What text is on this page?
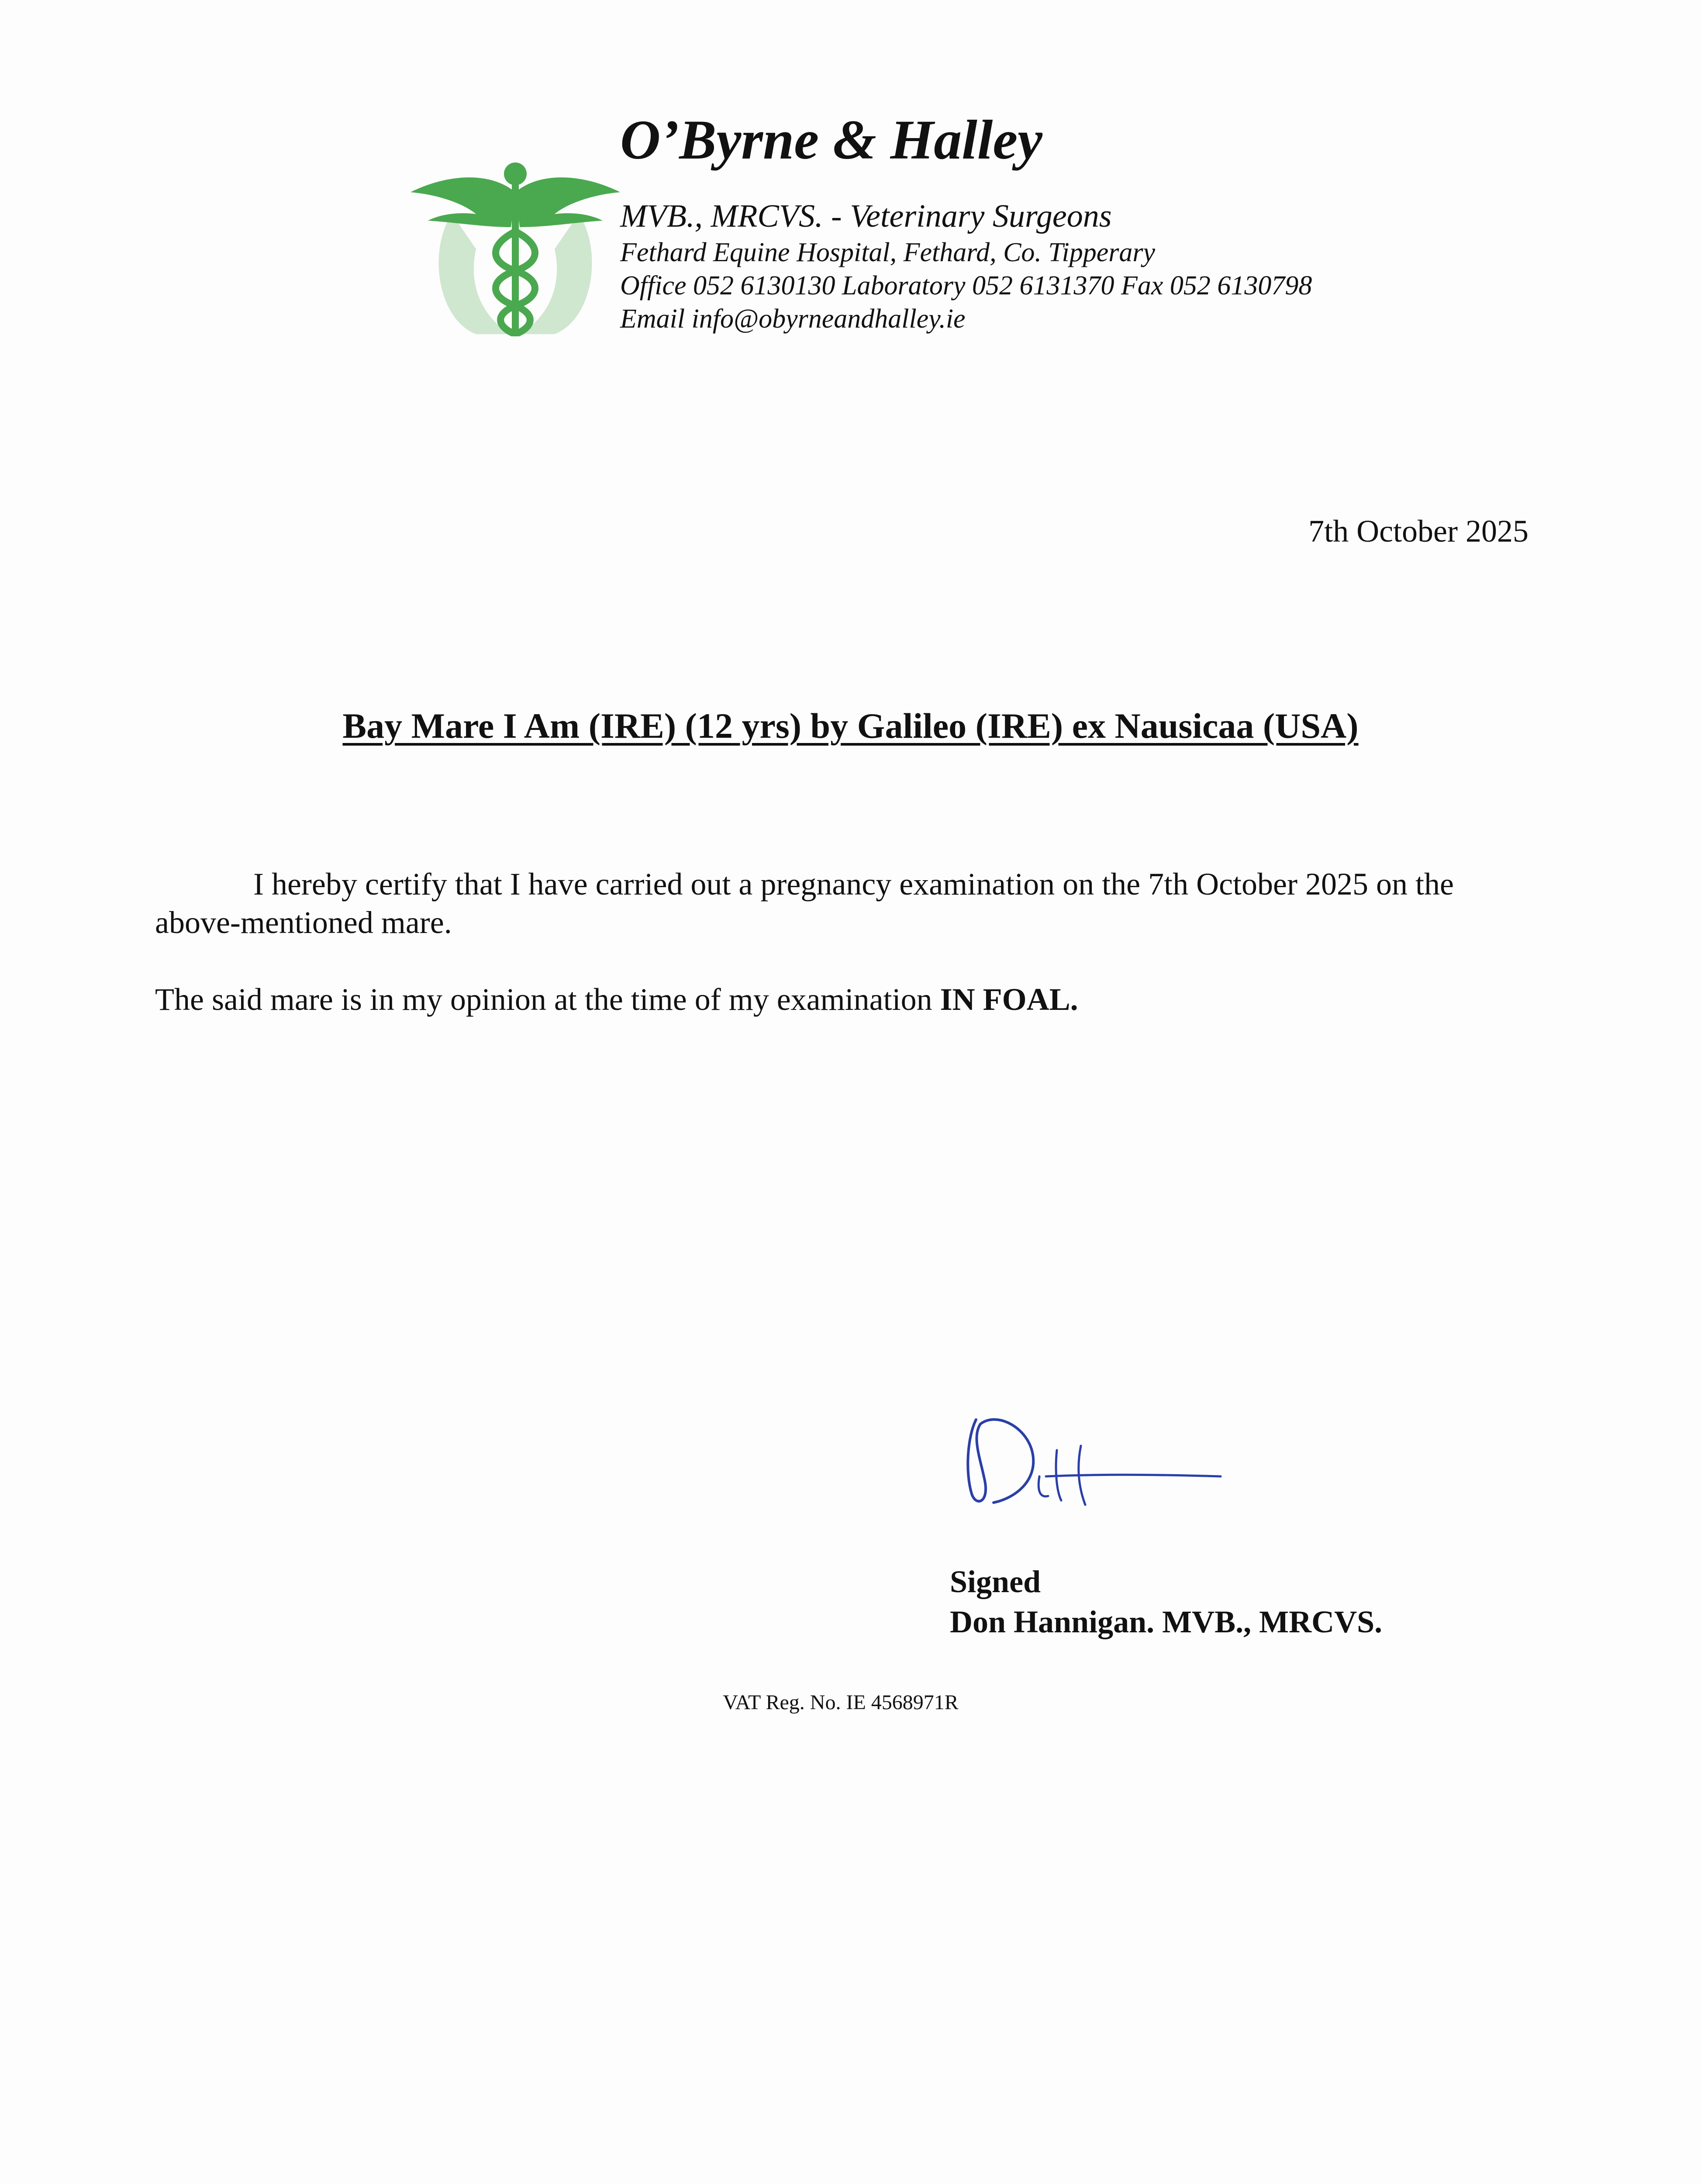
O’Byrne & Halley
MVB., MRCVS. - Veterinary Surgeons
Fethard Equine Hospital, Fethard, Co. Tipperary
Office 052 6130130 Laboratory 052 6131370 Fax 052 6130798
Email info@obyrneandhalley.ie
7th October 2025
Bay Mare I Am (IRE) (12 yrs) by Galileo (IRE) ex Nausicaa (USA)

I hereby certify that I have carried out a pregnancy examination on the 7th October 2025 on the above-mentioned mare.

The said mare is in my opinion at the time of my examination IN FOAL.

Signed
Don Hannigan. MVB., MRCVS.
VAT Reg. No. IE 4568971R
